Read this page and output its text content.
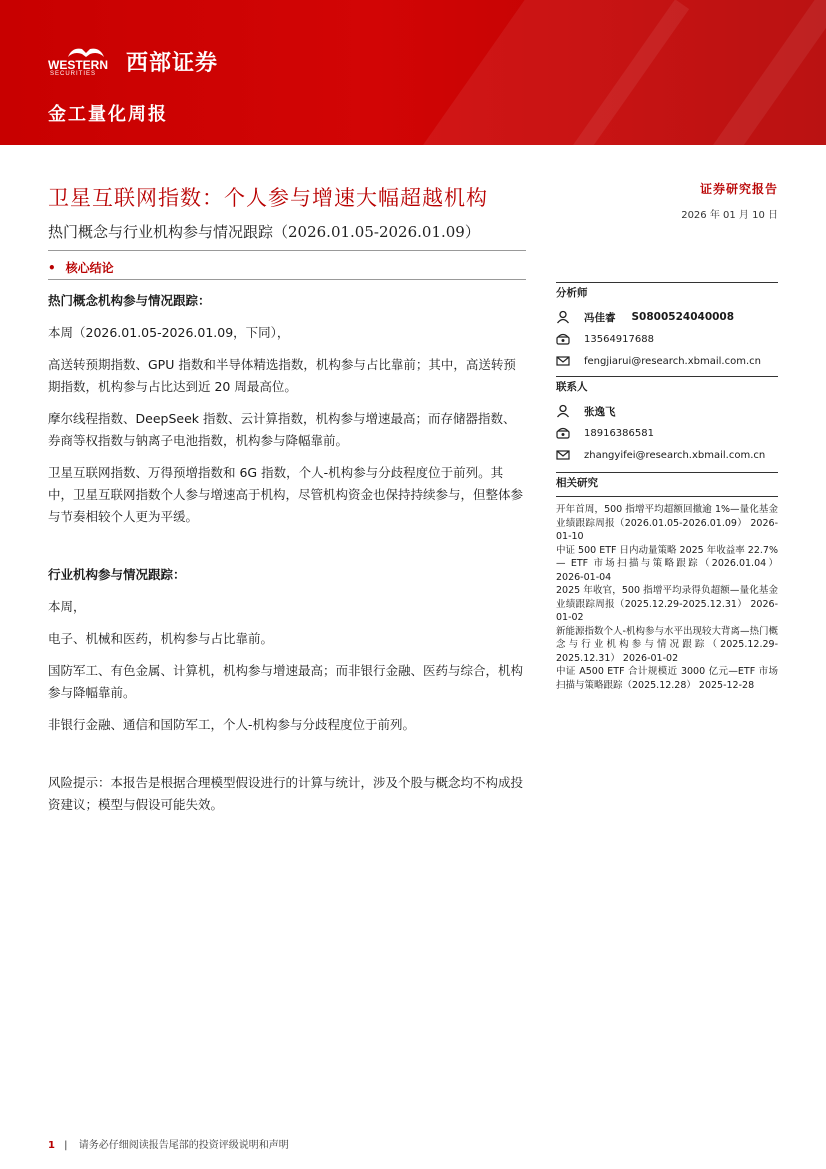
WESTERN
SECURITIES 西部证券
金工量化周报
卫星互联网指数：个人参与增速大幅超越机构
热门概念与行业机构参与情况跟踪（2026.01.05-2026.01.09）
证券研究报告
2026 年 01 月 10 日
• 核心结论

热门概念机构参与情况跟踪：

本周（2026.01.05-2026.01.09，下同），

高送转预期指数、GPU 指数和半导体精选指数，机构参与占比靠前；其中，高送转预期指数，机构参与占比达到近 20 周最高位。

摩尔线程指数、DeepSeek 指数、云计算指数，机构参与增速最高；而存储器指数、券商等权指数与钠离子电池指数，机构参与降幅靠前。

卫星互联网指数、万得预增指数和 6G 指数，个人-机构参与分歧程度位于前列。其中，卫星互联网指数个人参与增速高于机构，尽管机构资金也保持持续参与，但整体参与节奏相较个人更为平缓。

行业机构参与情况跟踪：

本周，

电子、机械和医药，机构参与占比靠前。

国防军工、有色金属、计算机，机构参与增速最高；而非银行金融、医药与综合，机构参与降幅靠前。

非银行金融、通信和国防军工，个人-机构参与分歧程度位于前列。

风险提示：本报告是根据合理模型假设进行的计算与统计，涉及个股与概念均不构成投资建议；模型与假设可能失效。

分析师
冯佳睿 S0800524040008
13564917688
fengjiarui@research.xbmail.com.cn
联系人
张逸飞
18916386581
zhangyifei@research.xbmail.com.cn
相关研究

开年首周，500 指增平均超额回撤逾 1%—量化基金业绩跟踪周报（2026.01.05-2026.01.09） 2026-01-10

中证 500 ETF 日内动量策略 2025 年收益率 22.7% — ETF 市场扫描与策略跟踪（2026.01.04） 2026-01-04

2025 年收官，500 指增平均录得负超额—量化基金业绩跟踪周报（2025.12.29-2025.12.31） 2026-01-02

新能源指数个人-机构参与水平出现较大背离—热门概念与行业机构参与情况跟踪（2025.12.29-2025.12.31） 2026-01-02

中证 A500 ETF 合计规模近 3000 亿元—ETF 市场扫描与策略跟踪（2025.12.28） 2025-12-28

1 | 请务必仔细阅读报告尾部的投资评级说明和声明
